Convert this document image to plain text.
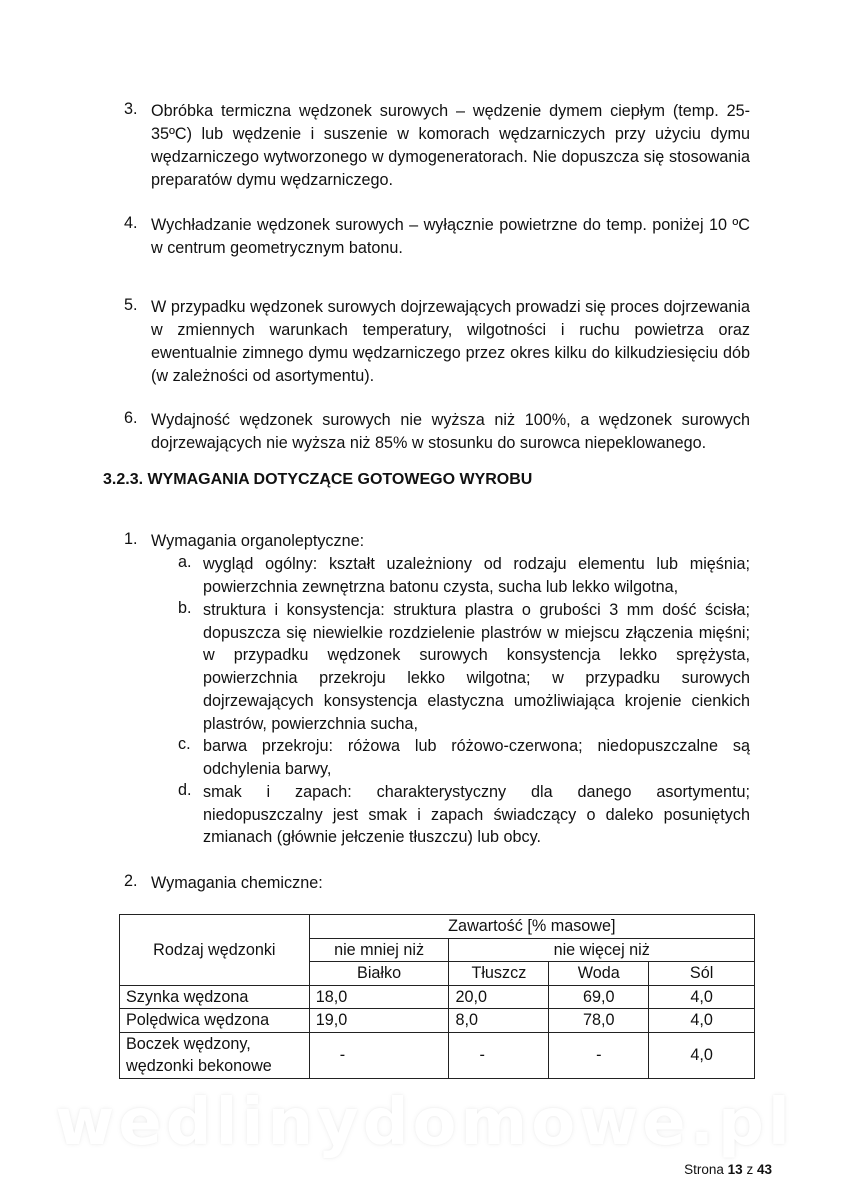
3. Obróbka termiczna wędzonek surowych – wędzenie dymem ciepłym (temp. 25-35ºC) lub wędzenie i suszenie w komorach wędzarniczych przy użyciu dymu wędzarniczego wytworzonego w dymogeneratorach. Nie dopuszcza się stosowania preparatów dymu wędzarniczego.
4. Wychładzanie wędzonek surowych – wyłącznie powietrzne do temp. poniżej 10 ºC w centrum geometrycznym batonu.
5. W przypadku wędzonek surowych dojrzewających prowadzi się proces dojrzewania w zmiennych warunkach temperatury, wilgotności i ruchu powietrza oraz ewentualnie zimnego dymu wędzarniczego przez okres kilku do kilkudziesięciu dób (w zależności od asortymentu).
6. Wydajność wędzonek surowych nie wyższa niż 100%, a wędzonek surowych dojrzewających nie wyższa niż 85% w stosunku do surowca niepeklowanego.
3.2.3. WYMAGANIA DOTYCZĄCE GOTOWEGO WYROBU
1. Wymagania organoleptyczne:
a. wygląd ogólny: kształt uzależniony od rodzaju elementu lub mięśnia; powierzchnia zewnętrzna batonu czysta, sucha lub lekko wilgotna,
b. struktura i konsystencja: struktura plastra o grubości 3 mm dość ścisła; dopuszcza się niewielkie rozdzielenie plastrów w miejscu złączenia mięśni; w przypadku wędzonek surowych konsystencja lekko sprężysta, powierzchnia przekroju lekko wilgotna; w przypadku surowych dojrzewających konsystencja elastyczna umożliwiająca krojenie cienkich plastrów, powierzchnia sucha,
c. barwa przekroju: różowa lub różowo-czerwona; niedopuszczalne są odchylenia barwy,
d. smak i zapach: charakterystyczny dla danego asortymentu; niedopuszczalny jest smak i zapach świadczący o daleko posuniętych zmianach (głównie jełczenie tłuszczu) lub obcy.
2. Wymagania chemiczne:
Rodzaj wędzonki	Zawartość [% masowe]			
	nie mniej niż	nie więcej niż		
	Białko	Tłuszcz	Woda	Sól
Szynka wędzona	18,0	20,0	69,0	4,0
Polędwica wędzona	19,0	8,0	78,0	4,0

Boczek wędzony,
wędzonki bekonowe	-	-	-	4,0
wedlinydomowe.pl
Strona 13 z 43
